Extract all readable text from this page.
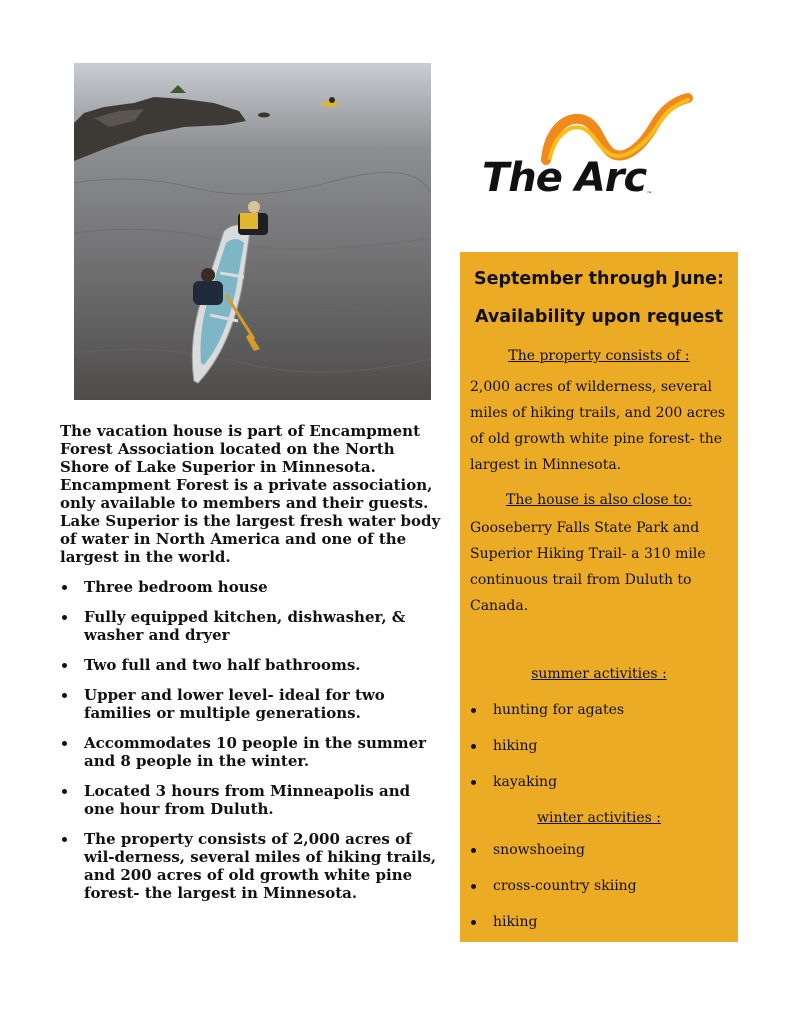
The Arc™

The vacation house is part of Encampment Forest Association located on the North Shore of Lake Superior in Minnesota. Encampment Forest is a private association, only available to members and their guests. Lake Superior is the largest fresh water body of water in North America and one of the largest in the world.

Three bedroom house
Fully equipped kitchen, dishwasher, & washer and dryer
Two full and two half bathrooms.
Upper and lower level- ideal for two families or multiple generations.
Accommodates 10 people in the summer and 8 people in the winter.
Located 3 hours from Minneapolis and one hour from Duluth.
The property consists of 2,000 acres of wil-derness, several miles of hiking trails, and 200 acres of old growth white pine forest- the largest in Minnesota.
September through June:
Availability upon request

The property consists of :

2,000 acres of wilderness, several miles of hiking trails, and 200 acres of old growth white pine forest- the largest in Minnesota.

The house is also close to:

Gooseberry Falls State Park and Superior Hiking Trail- a 310 mile continuous trail from Duluth to Canada.

summer activities :

hunting for agates
hiking
kayaking

winter activities :

snowshoeing
cross-country skiing
hiking
